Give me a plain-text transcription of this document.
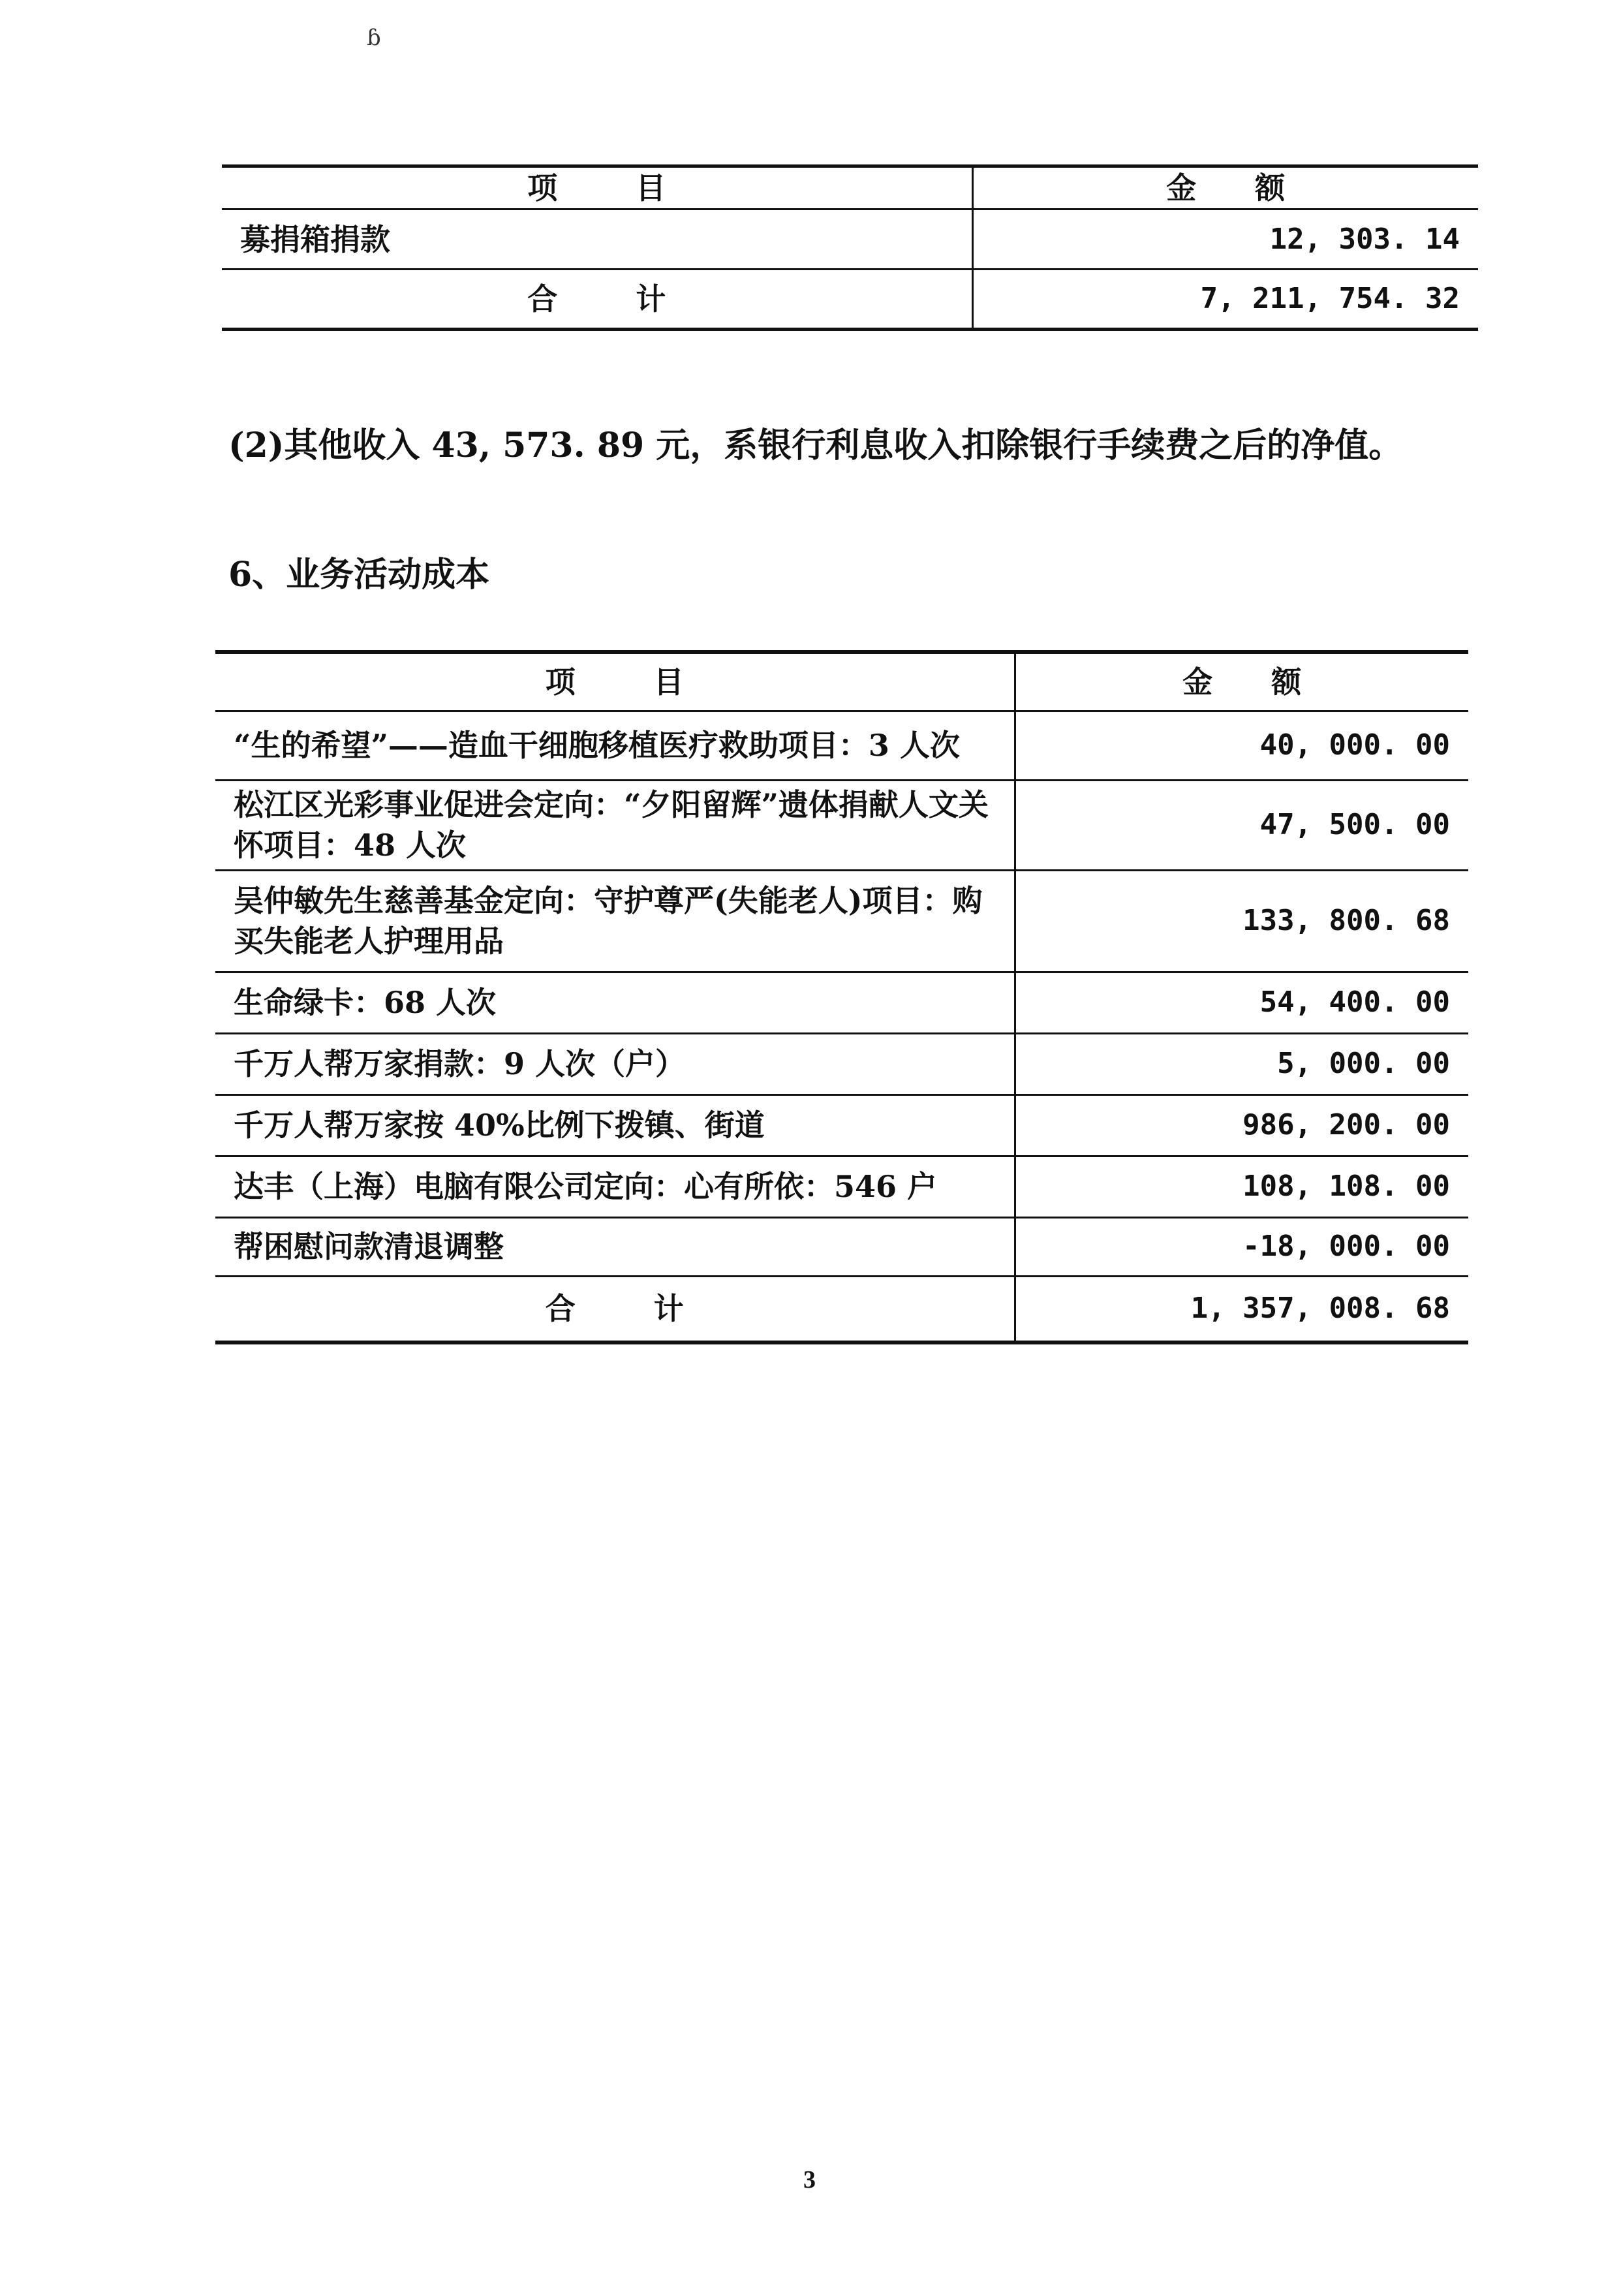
ɓ
项 目	金 额
募捐箱捐款	12, 303. 14
合 计	7, 211, 754. 32
(2)其他收入 43, 573. 89 元，系银行利息收入扣除银行手续费之后的净值。
6、业务活动成本
项 目	金 额
“生的希望”——造血干细胞移植医疗救助项目：3 人次	40, 000. 00
松江区光彩事业促进会定向：“夕阳留辉”遗体捐献人文关怀项目：48 人次	47, 500. 00
吴仲敏先生慈善基金定向：守护尊严(失能老人)项目：购买失能老人护理用品	133, 800. 68
生命绿卡：68 人次	54, 400. 00
千万人帮万家捐款：9 人次（户）	5, 000. 00
千万人帮万家按 40%比例下拨镇、街道	986, 200. 00
达丰（上海）电脑有限公司定向：心有所依：546 户	108, 108. 00
帮困慰问款清退调整	-18, 000. 00
合 计	1, 357, 008. 68
3
